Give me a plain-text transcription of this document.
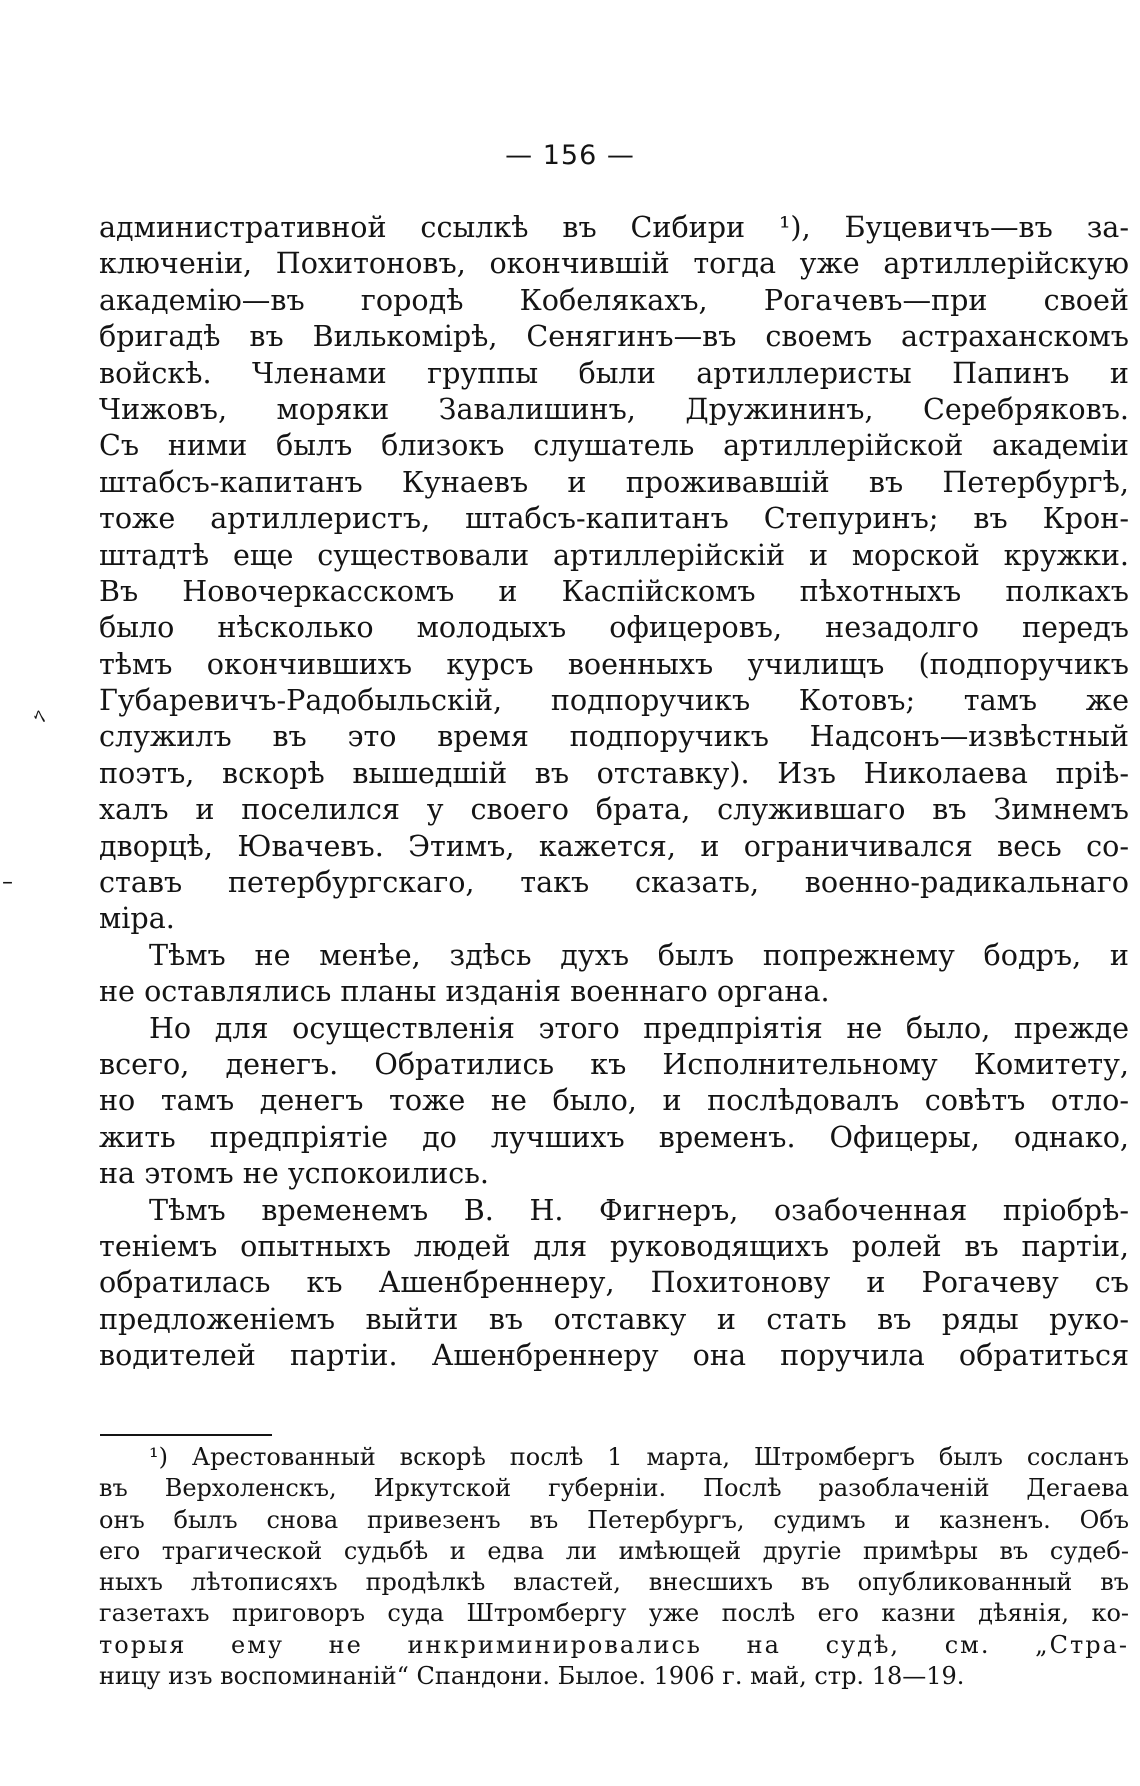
— 156 —
ﾍ
–
административной ссылкѣ въ Сибири ¹), Буцевичъ—въ за-
ключеніи, Похитоновъ, окончившій тогда уже артиллерійскую
академію—въ городѣ Кобелякахъ, Рогачевъ—при своей
бригадѣ въ Вилькомірѣ, Сенягинъ—въ своемъ астраханскомъ
войскѣ. Членами группы были артиллеристы Папинъ и
Чижовъ, моряки Завалишинъ, Дружининъ, Серебряковъ.
Съ ними былъ близокъ слушатель артиллерійской академіи
штабсъ-капитанъ Кунаевъ и проживавшій въ Петербургѣ,
тоже артиллеристъ, штабсъ-капитанъ Степуринъ; въ Крон-
штадтѣ еще существовали артиллерійскій и морской кружки.
Въ Новочеркасскомъ и Каспійскомъ пѣхотныхъ полкахъ
было нѣсколько молодыхъ офицеровъ, незадолго передъ
тѣмъ окончившихъ курсъ военныхъ училищъ (подпоручикъ
Губаревичъ-Радобыльскій, подпоручикъ Котовъ; тамъ же
служилъ въ это время подпоручикъ Надсонъ—извѣстный
поэтъ, вскорѣ вышедшій въ отставку). Изъ Николаева пріѣ-
халъ и поселился у своего брата, служившаго въ Зимнемъ
дворцѣ, Ювачевъ. Этимъ, кажется, и ограничивался весь со-
ставъ петербургскаго, такъ сказать, военно-радикальнаго
міра.
Тѣмъ не менѣе, здѣсь духъ былъ попрежнему бодръ, и
не оставлялись планы изданія военнаго органа.
Но для осуществленія этого предпріятія не было, прежде
всего, денегъ. Обратились къ Исполнительному Комитету,
но тамъ денегъ тоже не было, и послѣдовалъ совѣтъ отло-
жить предпріятіе до лучшихъ временъ. Офицеры, однако,
на этомъ не успокоились.
Тѣмъ временемъ В. Н. Фигнеръ, озабоченная пріобрѣ-
теніемъ опытныхъ людей для руководящихъ ролей въ партіи,
обратилась къ Ашенбреннеру, Похитонову и Рогачеву съ
предложеніемъ выйти въ отставку и стать въ ряды руко-
водителей партіи. Ашенбреннеру она поручила обратиться
¹) Арестованный вскорѣ послѣ 1 марта, Штромбергъ былъ сосланъ
въ Верхоленскъ, Иркутской губерніи. Послѣ разоблаченій Дегаева
онъ былъ снова привезенъ въ Петербургъ, судимъ и казненъ. Объ
его трагической судьбѣ и едва ли имѣющей другіе примѣры въ судеб-
ныхъ лѣтописяхъ продѣлкѣ властей, внесшихъ въ опубликованный въ
газетахъ приговоръ суда Штромбергу уже послѣ его казни дѣянія, ко-
торыя ему не инкриминировались на судѣ, см. „Стра-
ницу изъ воспоминаній“ Спандони. Былое. 1906 г. май, стр. 18—19.
